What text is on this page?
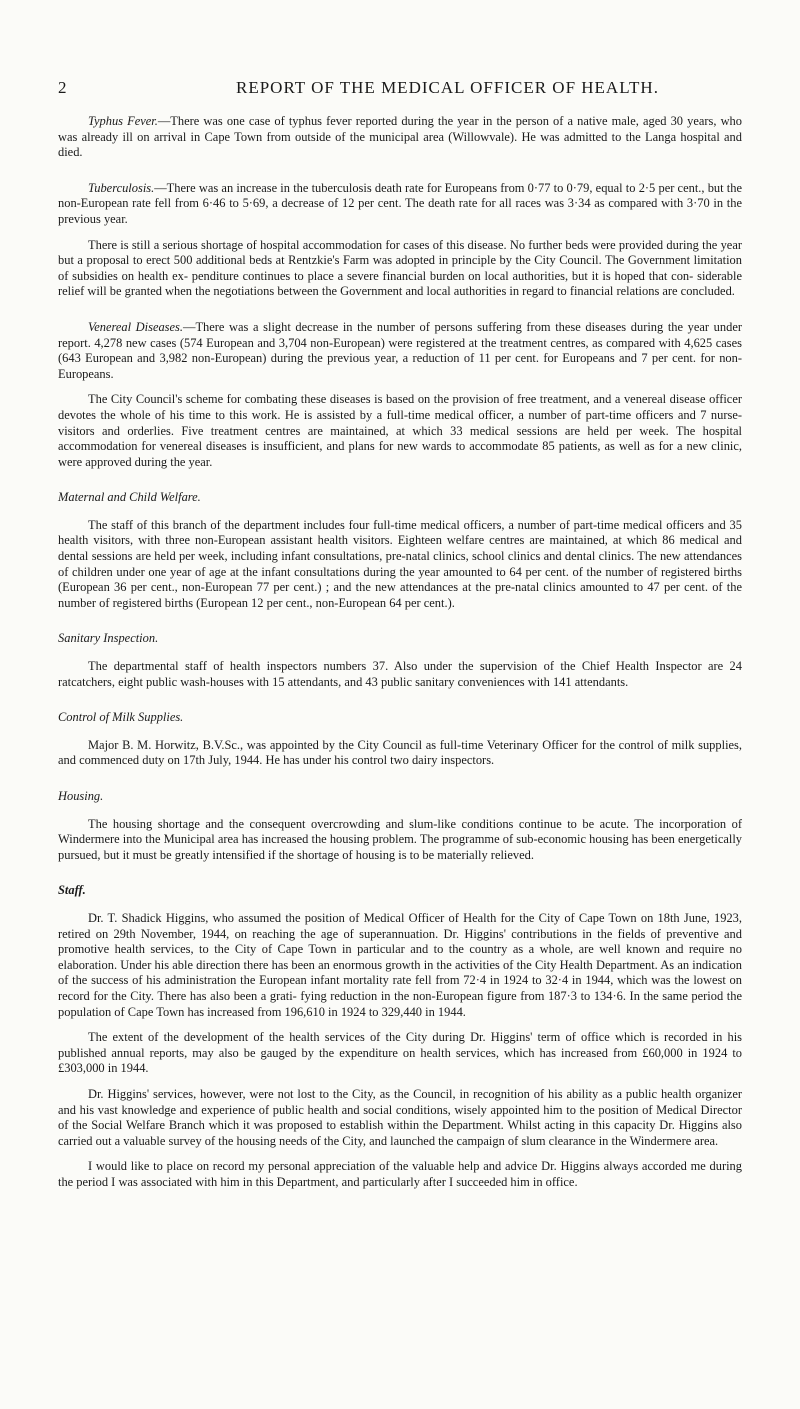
2	REPORT OF THE MEDICAL OFFICER OF HEALTH.

Typhus Fever.—There was one case of typhus fever reported during the year in the person of a native male, aged 30 years, who was already ill on arrival in Cape Town from outside of the municipal area (Willowvale). He was admitted to the Langa hospital and died.

Tuberculosis.—There was an increase in the tuberculosis death rate for Europeans from 0·77 to 0·79, equal to 2·5 per cent., but the non-European rate fell from 6·46 to 5·69, a decrease of 12 per cent. The death rate for all races was 3·34 as compared with 3·70 in the previous year.

There is still a serious shortage of hospital accommodation for cases of this disease. No further beds were provided during the year but a proposal to erect 500 additional beds at Rentzkie's Farm was adopted in principle by the City Council. The Government limitation of subsidies on health ex- penditure continues to place a severe financial burden on local authorities, but it is hoped that con- siderable relief will be granted when the negotiations between the Government and local authorities in regard to financial relations are concluded.

Venereal Diseases.—There was a slight decrease in the number of persons suffering from these diseases during the year under report. 4,278 new cases (574 European and 3,704 non-European) were registered at the treatment centres, as compared with 4,625 cases (643 European and 3,982 non-European) during the previous year, a reduction of 11 per cent. for Europeans and 7 per cent. for non-Europeans.

The City Council's scheme for combating these diseases is based on the provision of free treatment, and a venereal disease officer devotes the whole of his time to this work. He is assisted by a full-time medical officer, a number of part-time officers and 7 nurse-visitors and orderlies. Five treatment centres are maintained, at which 33 medical sessions are held per week. The hospital accommodation for venereal diseases is insufficient, and plans for new wards to accommodate 85 patients, as well as for a new clinic, were approved during the year.

Maternal and Child Welfare.

The staff of this branch of the department includes four full-time medical officers, a number of part-time medical officers and 35 health visitors, with three non-European assistant health visitors. Eighteen welfare centres are maintained, at which 86 medical and dental sessions are held per week, including infant consultations, pre-natal clinics, school clinics and dental clinics. The new attendances of children under one year of age at the infant consultations during the year amounted to 64 per cent. of the number of registered births (European 36 per cent., non-European 77 per cent.) ; and the new attendances at the pre-natal clinics amounted to 47 per cent. of the number of registered births (European 12 per cent., non-European 64 per cent.).

Sanitary Inspection.

The departmental staff of health inspectors numbers 37. Also under the supervision of the Chief Health Inspector are 24 ratcatchers, eight public wash-houses with 15 attendants, and 43 public sanitary conveniences with 141 attendants.

Control of Milk Supplies.

Major B. M. Horwitz, B.V.Sc., was appointed by the City Council as full-time Veterinary Officer for the control of milk supplies, and commenced duty on 17th July, 1944. He has under his control two dairy inspectors.

Housing.

The housing shortage and the consequent overcrowding and slum-like conditions continue to be acute. The incorporation of Windermere into the Municipal area has increased the housing problem. The programme of sub-economic housing has been energetically pursued, but it must be greatly intensified if the shortage of housing is to be materially relieved.

Staff.

Dr. T. Shadick Higgins, who assumed the position of Medical Officer of Health for the City of Cape Town on 18th June, 1923, retired on 29th November, 1944, on reaching the age of superannuation. Dr. Higgins' contributions in the fields of preventive and promotive health services, to the City of Cape Town in particular and to the country as a whole, are well known and require no elaboration. Under his able direction there has been an enormous growth in the activities of the City Health Department. As an indication of the success of his administration the European infant mortality rate fell from 72·4 in 1924 to 32·4 in 1944, which was the lowest on record for the City. There has also been a grati- fying reduction in the non-European figure from 187·3 to 134·6. In the same period the population of Cape Town has increased from 196,610 in 1924 to 329,440 in 1944.

The extent of the development of the health services of the City during Dr. Higgins' term of office which is recorded in his published annual reports, may also be gauged by the expenditure on health services, which has increased from £60,000 in 1924 to £303,000 in 1944.

Dr. Higgins' services, however, were not lost to the City, as the Council, in recognition of his ability as a public health organizer and his vast knowledge and experience of public health and social conditions, wisely appointed him to the position of Medical Director of the Social Welfare Branch which it was proposed to establish within the Department. Whilst acting in this capacity Dr. Higgins also carried out a valuable survey of the housing needs of the City, and launched the campaign of slum clearance in the Windermere area.

I would like to place on record my personal appreciation of the valuable help and advice Dr. Higgins always accorded me during the period I was associated with him in this Department, and particularly after I succeeded him in office.
